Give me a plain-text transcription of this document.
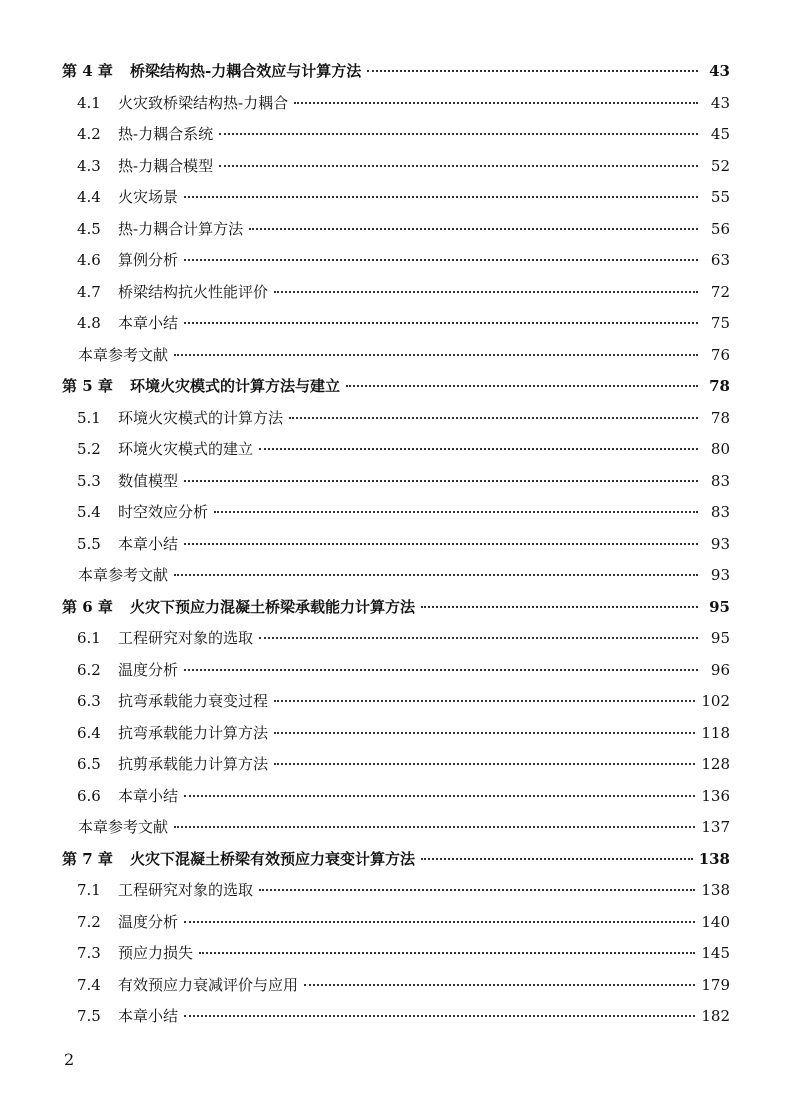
第 4 章	桥梁结构热-力耦合效应与计算方法	43
4.1	火灾致桥梁结构热-力耦合	43
4.2	热-力耦合系统	45
4.3	热-力耦合模型	52
4.4	火灾场景	55
4.5	热-力耦合计算方法	56
4.6	算例分析	63
4.7	桥梁结构抗火性能评价	72
4.8	本章小结	75
本章参考文献	76
第 5 章	环境火灾模式的计算方法与建立	78
5.1	环境火灾模式的计算方法	78
5.2	环境火灾模式的建立	80
5.3	数值模型	83
5.4	时空效应分析	83
5.5	本章小结	93
本章参考文献	93
第 6 章	火灾下预应力混凝土桥梁承载能力计算方法	95
6.1	工程研究对象的选取	95
6.2	温度分析	96
6.3	抗弯承载能力衰变过程	102
6.4	抗弯承载能力计算方法	118
6.5	抗剪承载能力计算方法	128
6.6	本章小结	136
本章参考文献	137
第 7 章	火灾下混凝土桥梁有效预应力衰变计算方法	138
7.1	工程研究对象的选取	138
7.2	温度分析	140
7.3	预应力损失	145
7.4	有效预应力衰减评价与应用	179
7.5	本章小结	182
2
